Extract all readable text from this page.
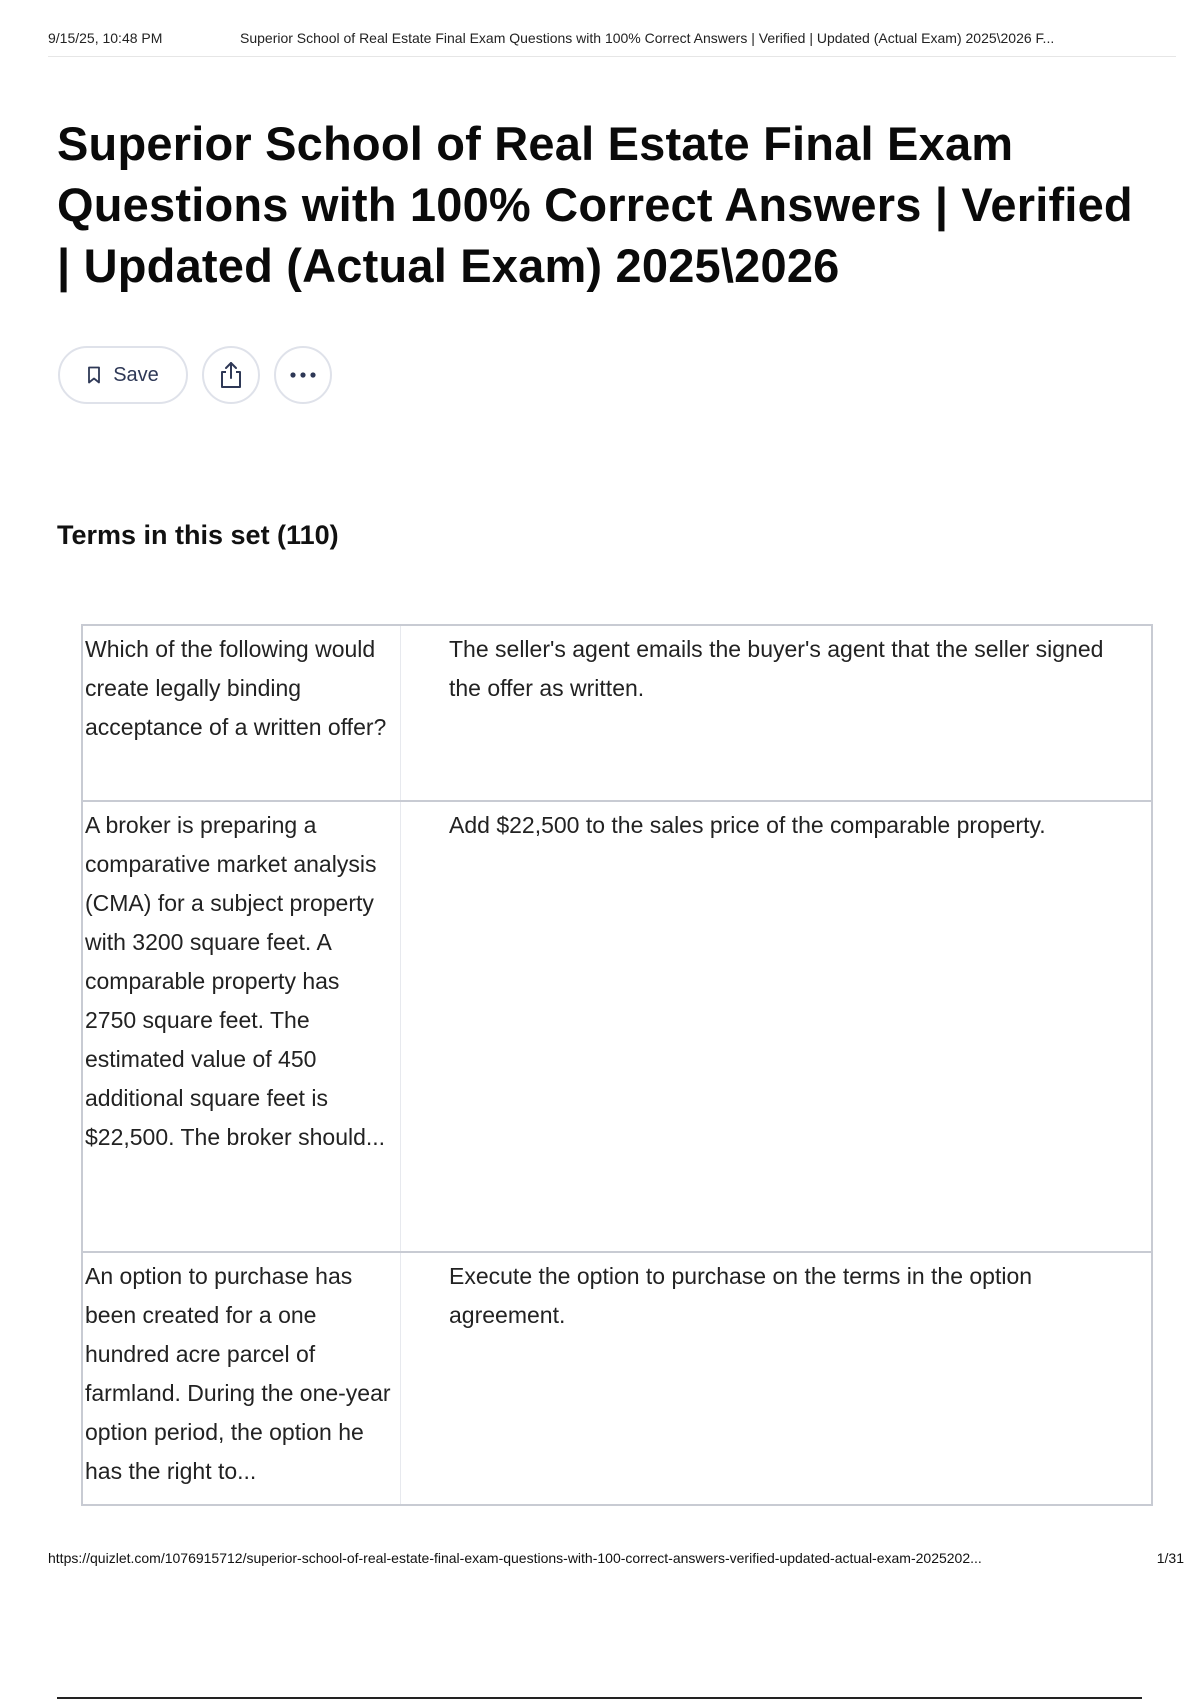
9/15/25, 10:48 PM	Superior School of Real Estate Final Exam Questions with 100% Correct Answers | Verified | Updated (Actual Exam) 2025\2026 F...
Superior School of Real Estate Final Exam Questions with 100% Correct Answers | Verified | Updated (Actual Exam) 2025\2026
Save
Terms in this set (110)
Which of the following would create legally binding acceptance of a written offer?
The seller's agent emails the buyer's agent that the seller signed the offer as written.
A broker is preparing a comparative market analysis (CMA) for a subject property with 3200 square feet. A comparable property has 2750 square feet. The estimated value of 450 additional square feet is $22,500. The broker should...
Add $22,500 to the sales price of the comparable property.
An option to purchase has been created for a one hundred acre parcel of farmland. During the one-year option period, the option he has the right to...
Execute the option to purchase on the terms in the option agreement.
https://quizlet.com/1076915712/superior-school-of-real-estate-final-exam-questions-with-100-correct-answers-verified-updated-actual-exam-2025202...	1/31
